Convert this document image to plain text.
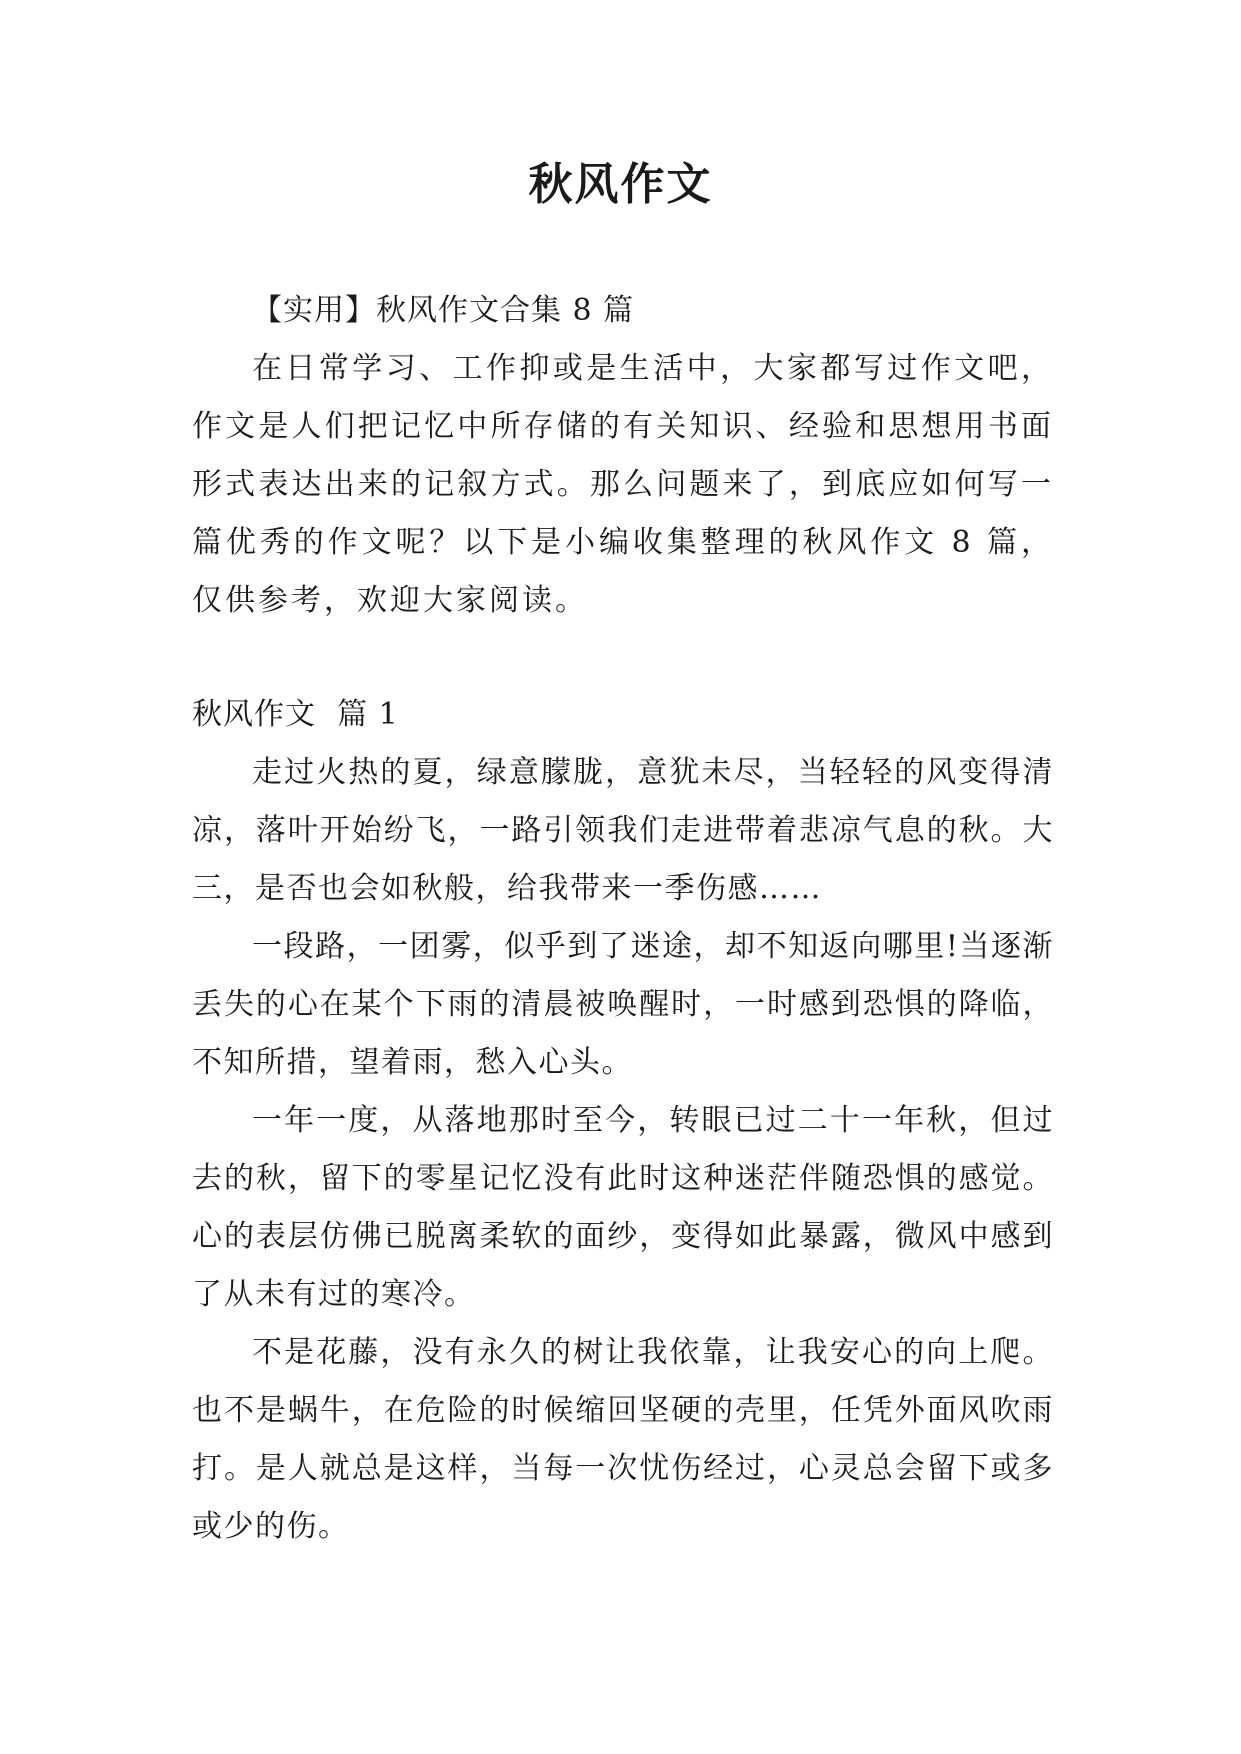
秋风作文

【实用】秋风作文合集 8 篇

在日常学习、工作抑或是生活中，大家都写过作文吧，作文是人们把记忆中所存储的有关知识、经验和思想用书面形式表达出来的记叙方式。那么问题来了，到底应如何写一篇优秀的作文呢？以下是小编收集整理的秋风作文 8 篇，仅供参考，欢迎大家阅读。

秋风作文  篇 1

走过火热的夏，绿意朦胧，意犹未尽，当轻轻的风变得清凉，落叶开始纷飞，一路引领我们走进带着悲凉气息的秋。大三，是否也会如秋般，给我带来一季伤感……

一段路，一团雾，似乎到了迷途，却不知返向哪里!当逐渐丢失的心在某个下雨的清晨被唤醒时，一时感到恐惧的降临，不知所措，望着雨，愁入心头。

一年一度，从落地那时至今，转眼已过二十一年秋，但过去的秋，留下的零星记忆没有此时这种迷茫伴随恐惧的感觉。心的表层仿佛已脱离柔软的面纱，变得如此暴露，微风中感到了从未有过的寒冷。

不是花藤，没有永久的树让我依靠，让我安心的向上爬。也不是蜗牛，在危险的时候缩回坚硬的壳里，任凭外面风吹雨打。是人就总是这样，当每一次忧伤经过，心灵总会留下或多或少的伤。
